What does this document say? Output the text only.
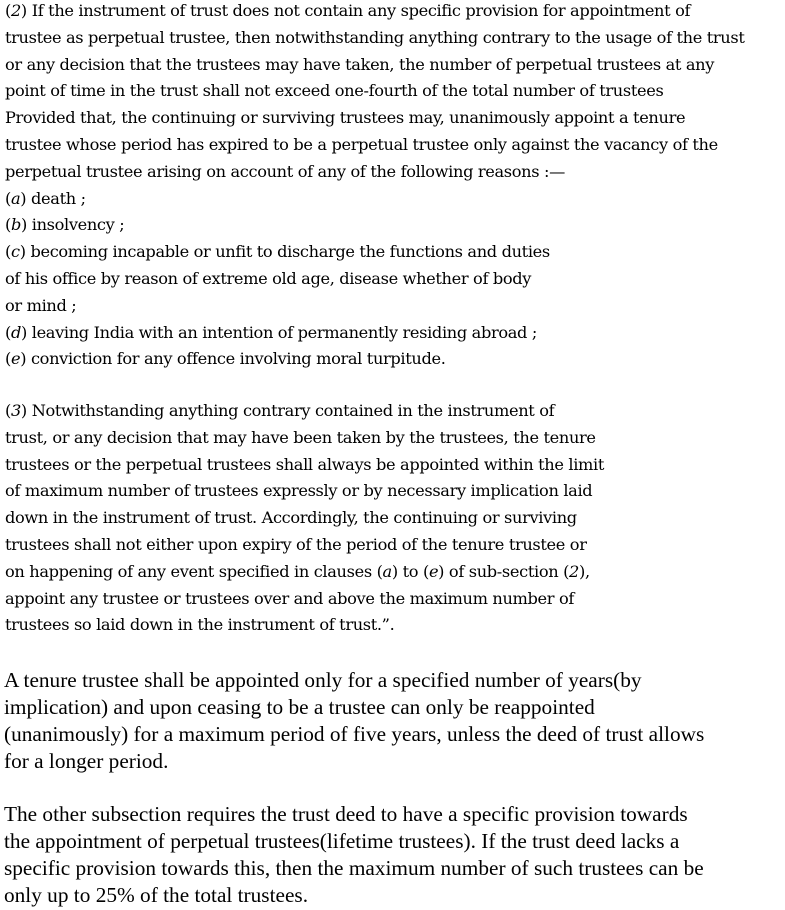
(2) If the instrument of trust does not contain any specific provision for appointment of
trustee as perpetual trustee, then notwithstanding anything contrary to the usage of the trust
or any decision that the trustees may have taken, the number of perpetual trustees at any
point of time in the trust shall not exceed one-fourth of the total number of trustees
Provided that, the continuing or surviving trustees may, unanimously appoint a tenure
trustee whose period has expired to be a perpetual trustee only against the vacancy of the
perpetual trustee arising on account of any of the following reasons :—
(a) death ;
(b) insolvency ;
(c) becoming incapable or unfit to discharge the functions and duties
of his office by reason of extreme old age, disease whether of body
or mind ;
(d) leaving India with an intention of permanently residing abroad ;
(e) conviction for any offence involving moral turpitude.
(3) Notwithstanding anything contrary contained in the instrument of
trust, or any decision that may have been taken by the trustees, the tenure
trustees or the perpetual trustees shall always be appointed within the limit
of maximum number of trustees expressly or by necessary implication laid
down in the instrument of trust. Accordingly, the continuing or surviving
trustees shall not either upon expiry of the period of the tenure trustee or
on happening of any event specified in clauses (a) to (e) of sub-section (2),
appoint any trustee or trustees over and above the maximum number of
trustees so laid down in the instrument of trust.”.
A tenure trustee shall be appointed only for a specified number of years(by
implication) and upon ceasing to be a trustee can only be reappointed
(unanimously) for a maximum period of five years, unless the deed of trust allows
for a longer period.
The other subsection requires the trust deed to have a specific provision towards
the appointment of perpetual trustees(lifetime trustees). If the trust deed lacks a
specific provision towards this, then the maximum number of such trustees can be
only up to 25% of the total trustees.
